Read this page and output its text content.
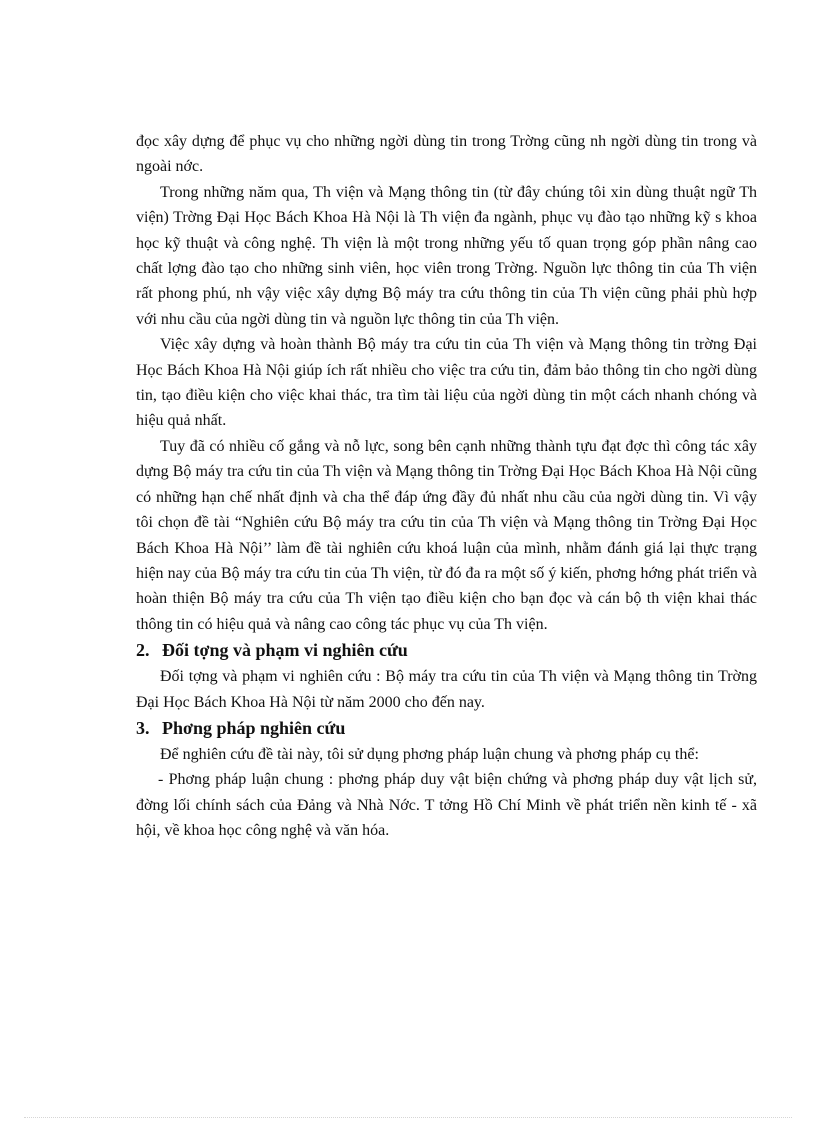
đọc xây dựng để phục vụ cho những ngời dùng tin trong Trờng cũng nh ngời dùng tin trong và ngoài nớc.

Trong những năm qua, Th viện và Mạng thông tin (từ đây chúng tôi xin dùng thuật ngữ Th viện) Trờng Đại Học Bách Khoa Hà Nội là Th viện đa ngành, phục vụ đào tạo những kỹ s khoa học kỹ thuật và công nghệ. Th viện là một trong những yếu tố quan trọng góp phần nâng cao chất lợng đào tạo cho những sinh viên, học viên trong Trờng. Nguồn lực thông tin của Th viện rất phong phú, nh vậy việc xây dựng Bộ máy tra cứu thông tin của Th viện cũng phải phù hợp với nhu cầu của ngời dùng tin và nguồn lực thông tin của Th viện.

Việc xây dựng và hoàn thành Bộ máy tra cứu tin của Th viện và Mạng thông tin trờng Đại Học Bách Khoa Hà Nội giúp ích rất nhiều cho việc tra cứu tin, đảm bảo thông tin cho ngời dùng tin, tạo điều kiện cho việc khai thác, tra tìm tài liệu của ngời dùng tin một cách nhanh chóng và hiệu quả nhất.

Tuy đã có nhiều cố gắng và nỗ lực, song bên cạnh những thành tựu đạt đợc thì công tác xây dựng Bộ máy tra cứu tin của Th viện và Mạng thông tin Trờng Đại Học Bách Khoa Hà Nội cũng có những hạn chế nhất định và cha thể đáp ứng đầy đủ nhất nhu cầu của ngời dùng tin. Vì vậy tôi chọn đề tài “Nghiên cứu Bộ máy tra cứu tin của Th viện và Mạng thông tin Trờng Đại Học Bách Khoa Hà Nội’’ làm đề tài nghiên cứu khoá luận của mình, nhằm đánh giá lại thực trạng hiện nay của Bộ máy tra cứu tin của Th viện, từ đó đa ra một số ý kiến, phơng hớng phát triển và hoàn thiện Bộ máy tra cứu của Th viện tạo điều kiện cho bạn đọc và cán bộ th viện khai thác thông tin có hiệu quả và nâng cao công tác phục vụ của Th viện.

2. Đối tợng và phạm vi nghiên cứu

Đối tợng và phạm vi nghiên cứu : Bộ máy tra cứu tin của Th viện và Mạng thông tin Trờng Đại Học Bách Khoa Hà Nội từ năm 2000 cho đến nay.

3. Phơng pháp nghiên cứu

Để nghiên cứu đề tài này, tôi sử dụng phơng pháp luận chung và phơng pháp cụ thể:

- Phơng pháp luận chung : phơng pháp duy vật biện chứng và phơng pháp duy vật lịch sử, đờng lối chính sách của Đảng và Nhà Nớc. T tởng Hồ Chí Minh về phát triển nền kinh tế - xã hội, về khoa học công nghệ và văn hóa.
